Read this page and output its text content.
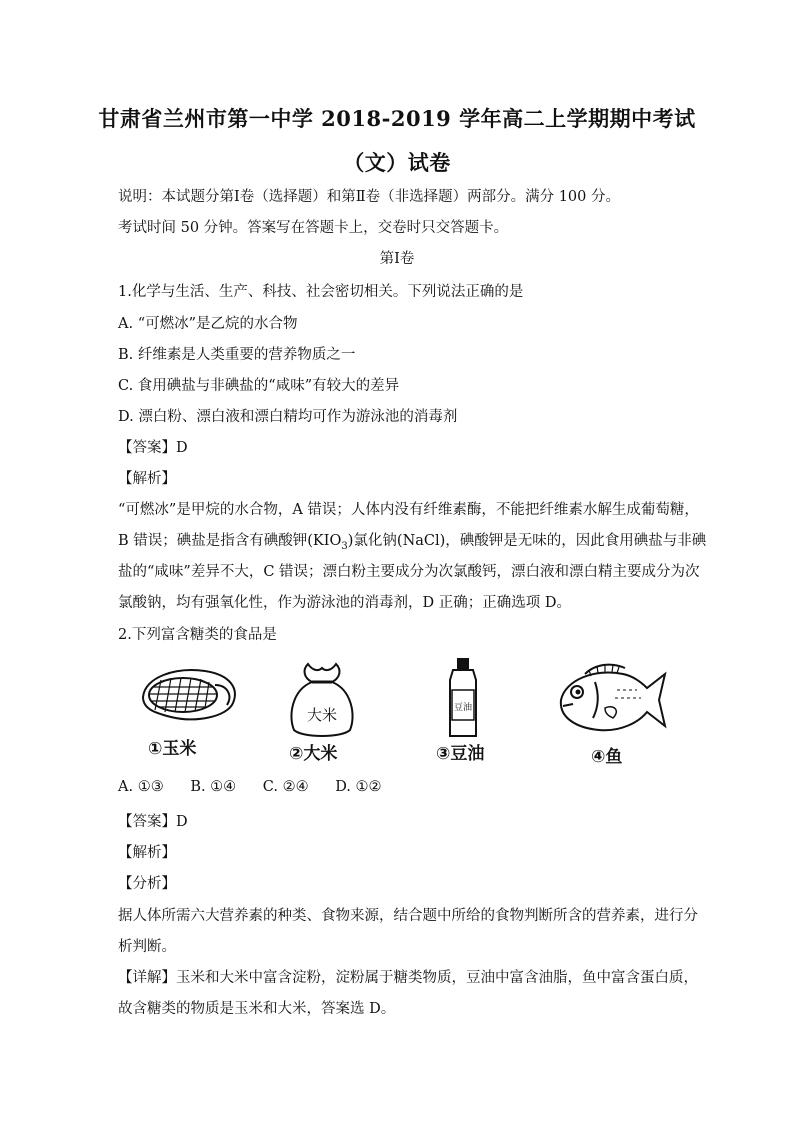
甘肃省兰州市第一中学 2018-2019 学年高二上学期期中考试
（文）试卷
说明：本试题分第Ⅰ卷（选择题）和第Ⅱ卷（非选择题）两部分。满分 100 分。
考试时间 50 分钟。答案写在答题卡上，交卷时只交答题卡。
第Ⅰ卷
1.化学与生活、生产、科技、社会密切相关。下列说法正确的是
A. “可燃冰”是乙烷的水合物
B. 纤维素是人类重要的营养物质之一
C. 食用碘盐与非碘盐的“咸味”有较大的差异
D. 漂白粉、漂白液和漂白精均可作为游泳池的消毒剂
【答案】D
【解析】
“可燃冰”是甲烷的水合物，A 错误；人体内没有纤维素酶，不能把纤维素水解生成葡萄糖，
B 错误；碘盐是指含有碘酸钾$(KIO_3)$氯化钠(NaCl)，碘酸钾是无味的，因此食用碘盐与非碘
盐的“咸味”差异不大，C 错误；漂白粉主要成分为次氯酸钙，漂白液和漂白精主要成分为次
氯酸钠，均有强氧化性，作为游泳池的消毒剂，D 正确；正确选项 D。
2.下列富含糖类的食品是
①玉米
大米
②大米
豆油
③豆油	④鱼
A. ①③ B. ①④ C. ②④ D. ①②
【答案】D
【解析】
【分析】
据人体所需六大营养素的种类、食物来源，结合题中所给的食物判断所含的营养素，进行分
析判断。
【详解】玉米和大米中富含淀粉，淀粉属于糖类物质，豆油中富含油脂，鱼中富含蛋白质，
故含糖类的物质是玉米和大米，答案选 D。
